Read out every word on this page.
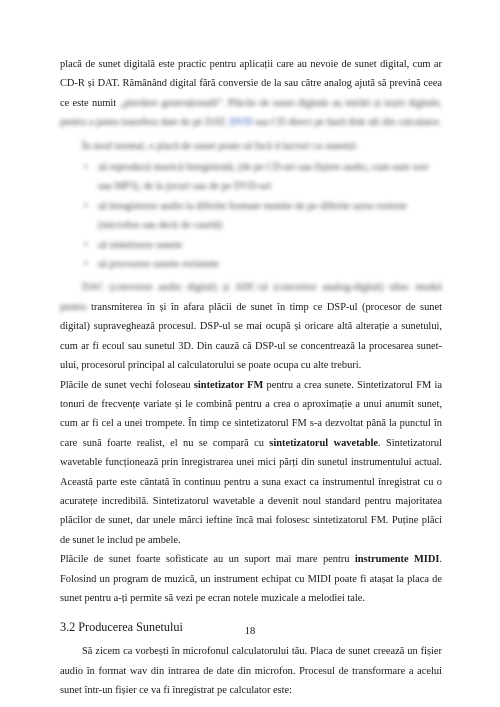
placă de sunet digitală este practic pentru aplicații care au nevoie de sunet digital, cum ar CD-R și DAT. Rămânând digital fără conversie de la sau către analog ajută să prevină ceea ce este numit „pierdere generațională”. Plăcile de sunet digitale au intrări și ieșiri digitale, pentru a putea transfera date de pe DAT, DVD sau CD direct pe hard disk săi din calculator.

În mod normal, o placă de sunet poate să facă 4 lucruri cu sunetul:

• să reproducă muzică înregistrată, (de pe CD-uri sau fișiere audio, cum sunt wav sau MP3), de la jocuri sau de pe DVD-uri
• să înregistreze audio la diferite formate numite de pe diferite surse externe (microfon sau deck de casetă)
• să sintetizeze sunete
• să proceseze sunete existente

DAC (convertor audio digital) și ADC-ul (convertor analog-digital) sibsc modul pentru transmiterea în și în afara plăcii de sunet în timp ce DSP-ul (procesor de sunet digital) supraveghează procesul. DSP-ul se mai ocupă și oricare altă alterație a sunetului, cum ar fi ecoul sau sunetul 3D. Din cauză că DSP-ul se concentrează la procesarea sunet-ului, procesorul principal al calculatorului se poate ocupa cu alte treburi.

Plăcile de sunet vechi foloseau sintetizator FM pentru a crea sunete. Sintetizatorul FM ia tonuri de frecvențe variate și le combină pentru a crea o aproximație a unui anumit sunet, cum ar fi cel a unei trompete. În timp ce sintetizatorul FM s-a dezvoltat până la punctul în care sună foarte realist, el nu se compară cu sintetizatorul wavetable. Sintetizatorul wavetable funcționează prin înregistrarea unei mici părți din sunetul instrumentului actual. Această parte este cântată în continuu pentru a suna exact ca instrumentul înregistrat cu o acuratețe incredibilă. Sintetizatorul wavetable a devenit noul standard pentru majoritatea plăcilor de sunet, dar unele mărci ieftine încă mai folosesc sintetizatorul FM. Puține plăci de sunet le includ pe ambele.

Plăcile de sunet foarte sofisticate au un suport mai mare pentru instrumente MIDI. Folosind un program de muzică, un instrument echipat cu MIDI poate fi atașat la placa de sunet pentru a-ți permite să vezi pe ecran notele muzicale a melodiei tale.

3.2 Producerea Sunetului

Să zicem ca vorbești în microfonul calculatorului tău. Placa de sunet creează un fișier audio în format wav din intrarea de date din microfon. Procesul de transformare a acelui sunet într-un fișier ce va fi înregistrat pe calculator este:

18
